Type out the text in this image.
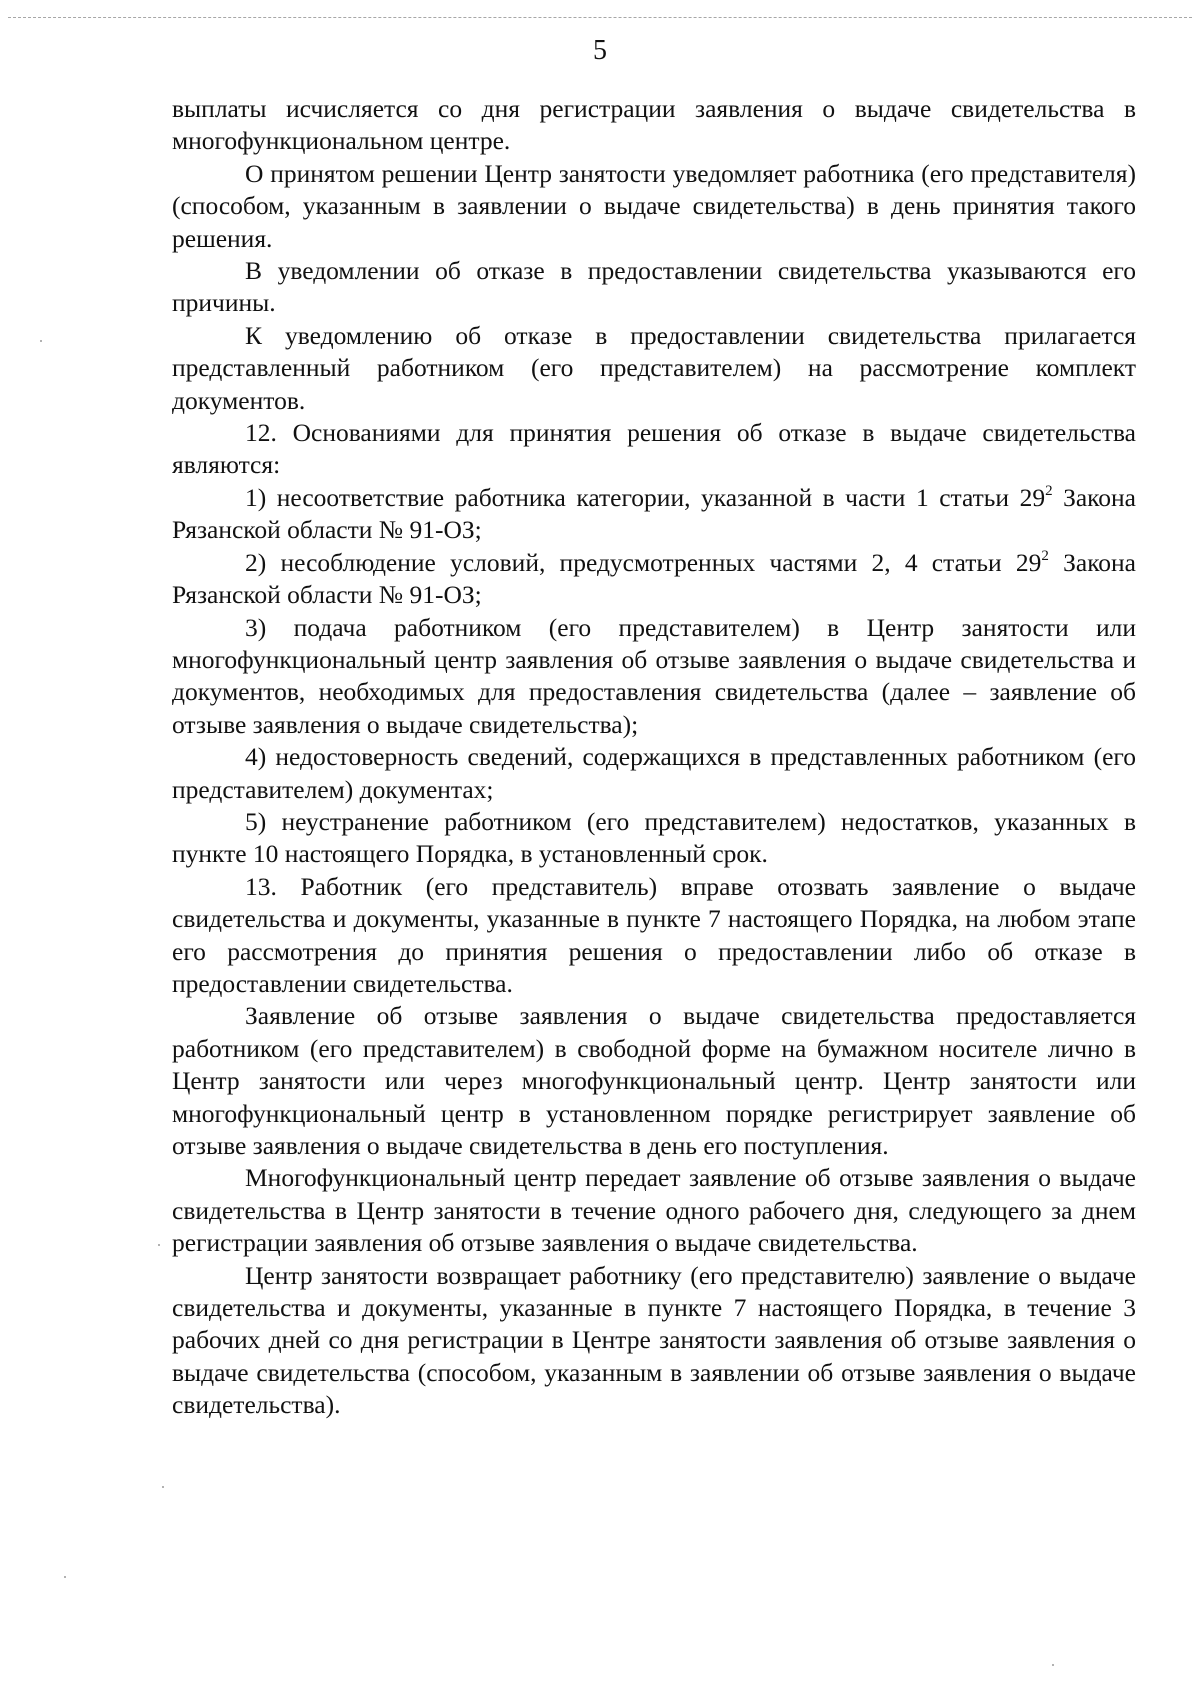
5

выплаты исчисляется со дня регистрации заявления о выдаче свидетельства в многофункциональном центре.

О принятом решении Центр занятости уведомляет работника (его представителя) (способом, указанным в заявлении о выдаче свидетельства) в день принятия такого решения.

В уведомлении об отказе в предоставлении свидетельства указываются его причины.

К уведомлению об отказе в предоставлении свидетельства прилагается представленный работником (его представителем) на рассмотрение комплект документов.

12. Основаниями для принятия решения об отказе в выдаче свидетельства являются:

1) несоответствие работника категории, указанной в части 1 статьи $29^2$ Закона Рязанской области № 91-ОЗ;

2) несоблюдение условий, предусмотренных частями 2, 4 статьи $29^2$ Закона Рязанской области № 91-ОЗ;

3) подача работником (его представителем) в Центр занятости или многофункциональный центр заявления об отзыве заявления о выдаче свидетельства и документов, необходимых для предоставления свидетельства (далее – заявление об отзыве заявления о выдаче свидетельства);

4) недостоверность сведений, содержащихся в представленных работником (его представителем) документах;

5) неустранение работником (его представителем) недостатков, указанных в пункте 10 настоящего Порядка, в установленный срок.

13. Работник (его представитель) вправе отозвать заявление о выдаче свидетельства и документы, указанные в пункте 7 настоящего Порядка, на любом этапе его рассмотрения до принятия решения о предоставлении либо об отказе в предоставлении свидетельства.

Заявление об отзыве заявления о выдаче свидетельства предоставляется работником (его представителем) в свободной форме на бумажном носителе лично в Центр занятости или через многофункциональный центр. Центр занятости или многофункциональный центр в установленном порядке регистрирует заявление об отзыве заявления о выдаче свидетельства в день его поступления.

Многофункциональный центр передает заявление об отзыве заявления о выдаче свидетельства в Центр занятости в течение одного рабочего дня, следующего за днем регистрации заявления об отзыве заявления о выдаче свидетельства.

Центр занятости возвращает работнику (его представителю) заявление о выдаче свидетельства и документы, указанные в пункте 7 настоящего Порядка, в течение 3 рабочих дней со дня регистрации в Центре занятости заявления об отзыве заявления о выдаче свидетельства (способом, указанным в заявлении об отзыве заявления о выдаче свидетельства).
